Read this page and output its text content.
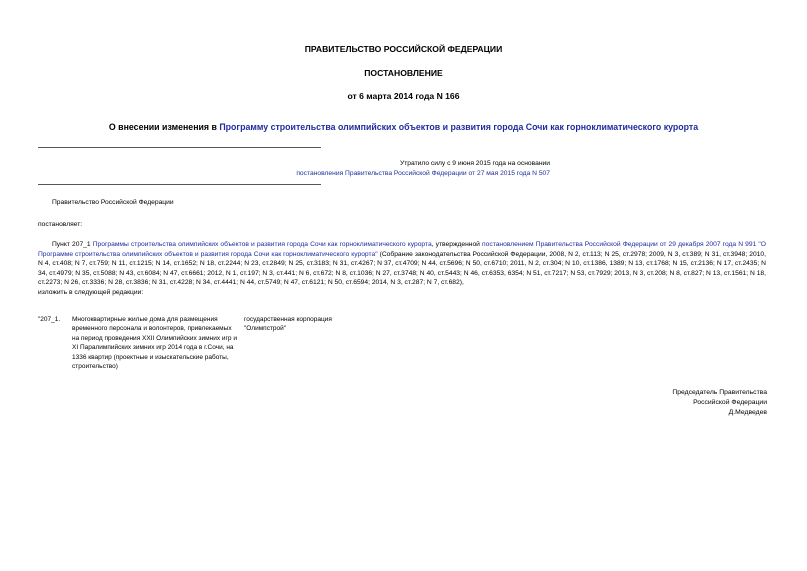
ПРАВИТЕЛЬСТВО РОССИЙСКОЙ ФЕДЕРАЦИИ
ПОСТАНОВЛЕНИЕ
от 6 марта 2014 года N 166
О внесении изменения в Программу строительства олимпийских объектов и развития города Сочи как горноклиматического курорта
Утратило силу с 9 июня 2015 года на основании
постановления Правительства Российской Федерации от 27 мая 2015 года N 507
Правительство Российской Федерации
постановляет:
Пункт 207_1 Программы строительства олимпийских объектов и развития города Сочи как горноклиматического курорта, утвержденной постановлением Правительства Российской Федерации от 29 декабря 2007 года N 991 "О Программе строительства олимпийских объектов и развития города Сочи как горноклиматического курорта" (Собрание законодательства Российской Федерации, 2008, N 2, ст.113; N 25, ст.2978; 2009, N 3, ст.389; N 31, ст.3948; 2010, N 4, ст.408; N 7, ст.759; N 11, ст.1215; N 14, ст.1652; N 18, ст.2244; N 23, ст.2849; N 25, ст.3183; N 31, ст.4267; N 37, ст.4709; N 44, ст.5696; N 50, ст.6710; 2011, N 2, ст.304; N 10, ст.1386, 1389; N 13, ст.1768; N 15, ст.2136; N 17, ст.2435; N 34, ст.4979; N 35, ст.5088; N 43, ст.6084; N 47, ст.6661; 2012, N 1, ст.197; N 3, ст.441; N 6, ст.672; N 8, ст.1036; N 27, ст.3748; N 40, ст.5443; N 46, ст.6353, 6354; N 51, ст.7217; N 53, ст.7929; 2013, N 3, ст.208; N 8, ст.827; N 13, ст.1561; N 18, ст.2273; N 26, ст.3336; N 28, ст.3836; N 31, ст.4228; N 34, ст.4441; N 44, ст.5749; N 47, ст.6121; N 50, ст.6594; 2014, N 3, ст.287; N 7, ст.682),
изложить в следующей редакции:
"207_1.	Многоквартирные жилые дома для размещения временного персонала и волонтеров, привлекаемых на период проведения XXII Олимпийских зимних игр и XI Паралимпийских зимних игр 2014 года в г.Сочи, на 1336 квартир (проектные и изыскательские работы, строительство)
государственная корпорация "Олимпстрой"
Председатель Правительства
Российской Федерации
Д.Медведев
